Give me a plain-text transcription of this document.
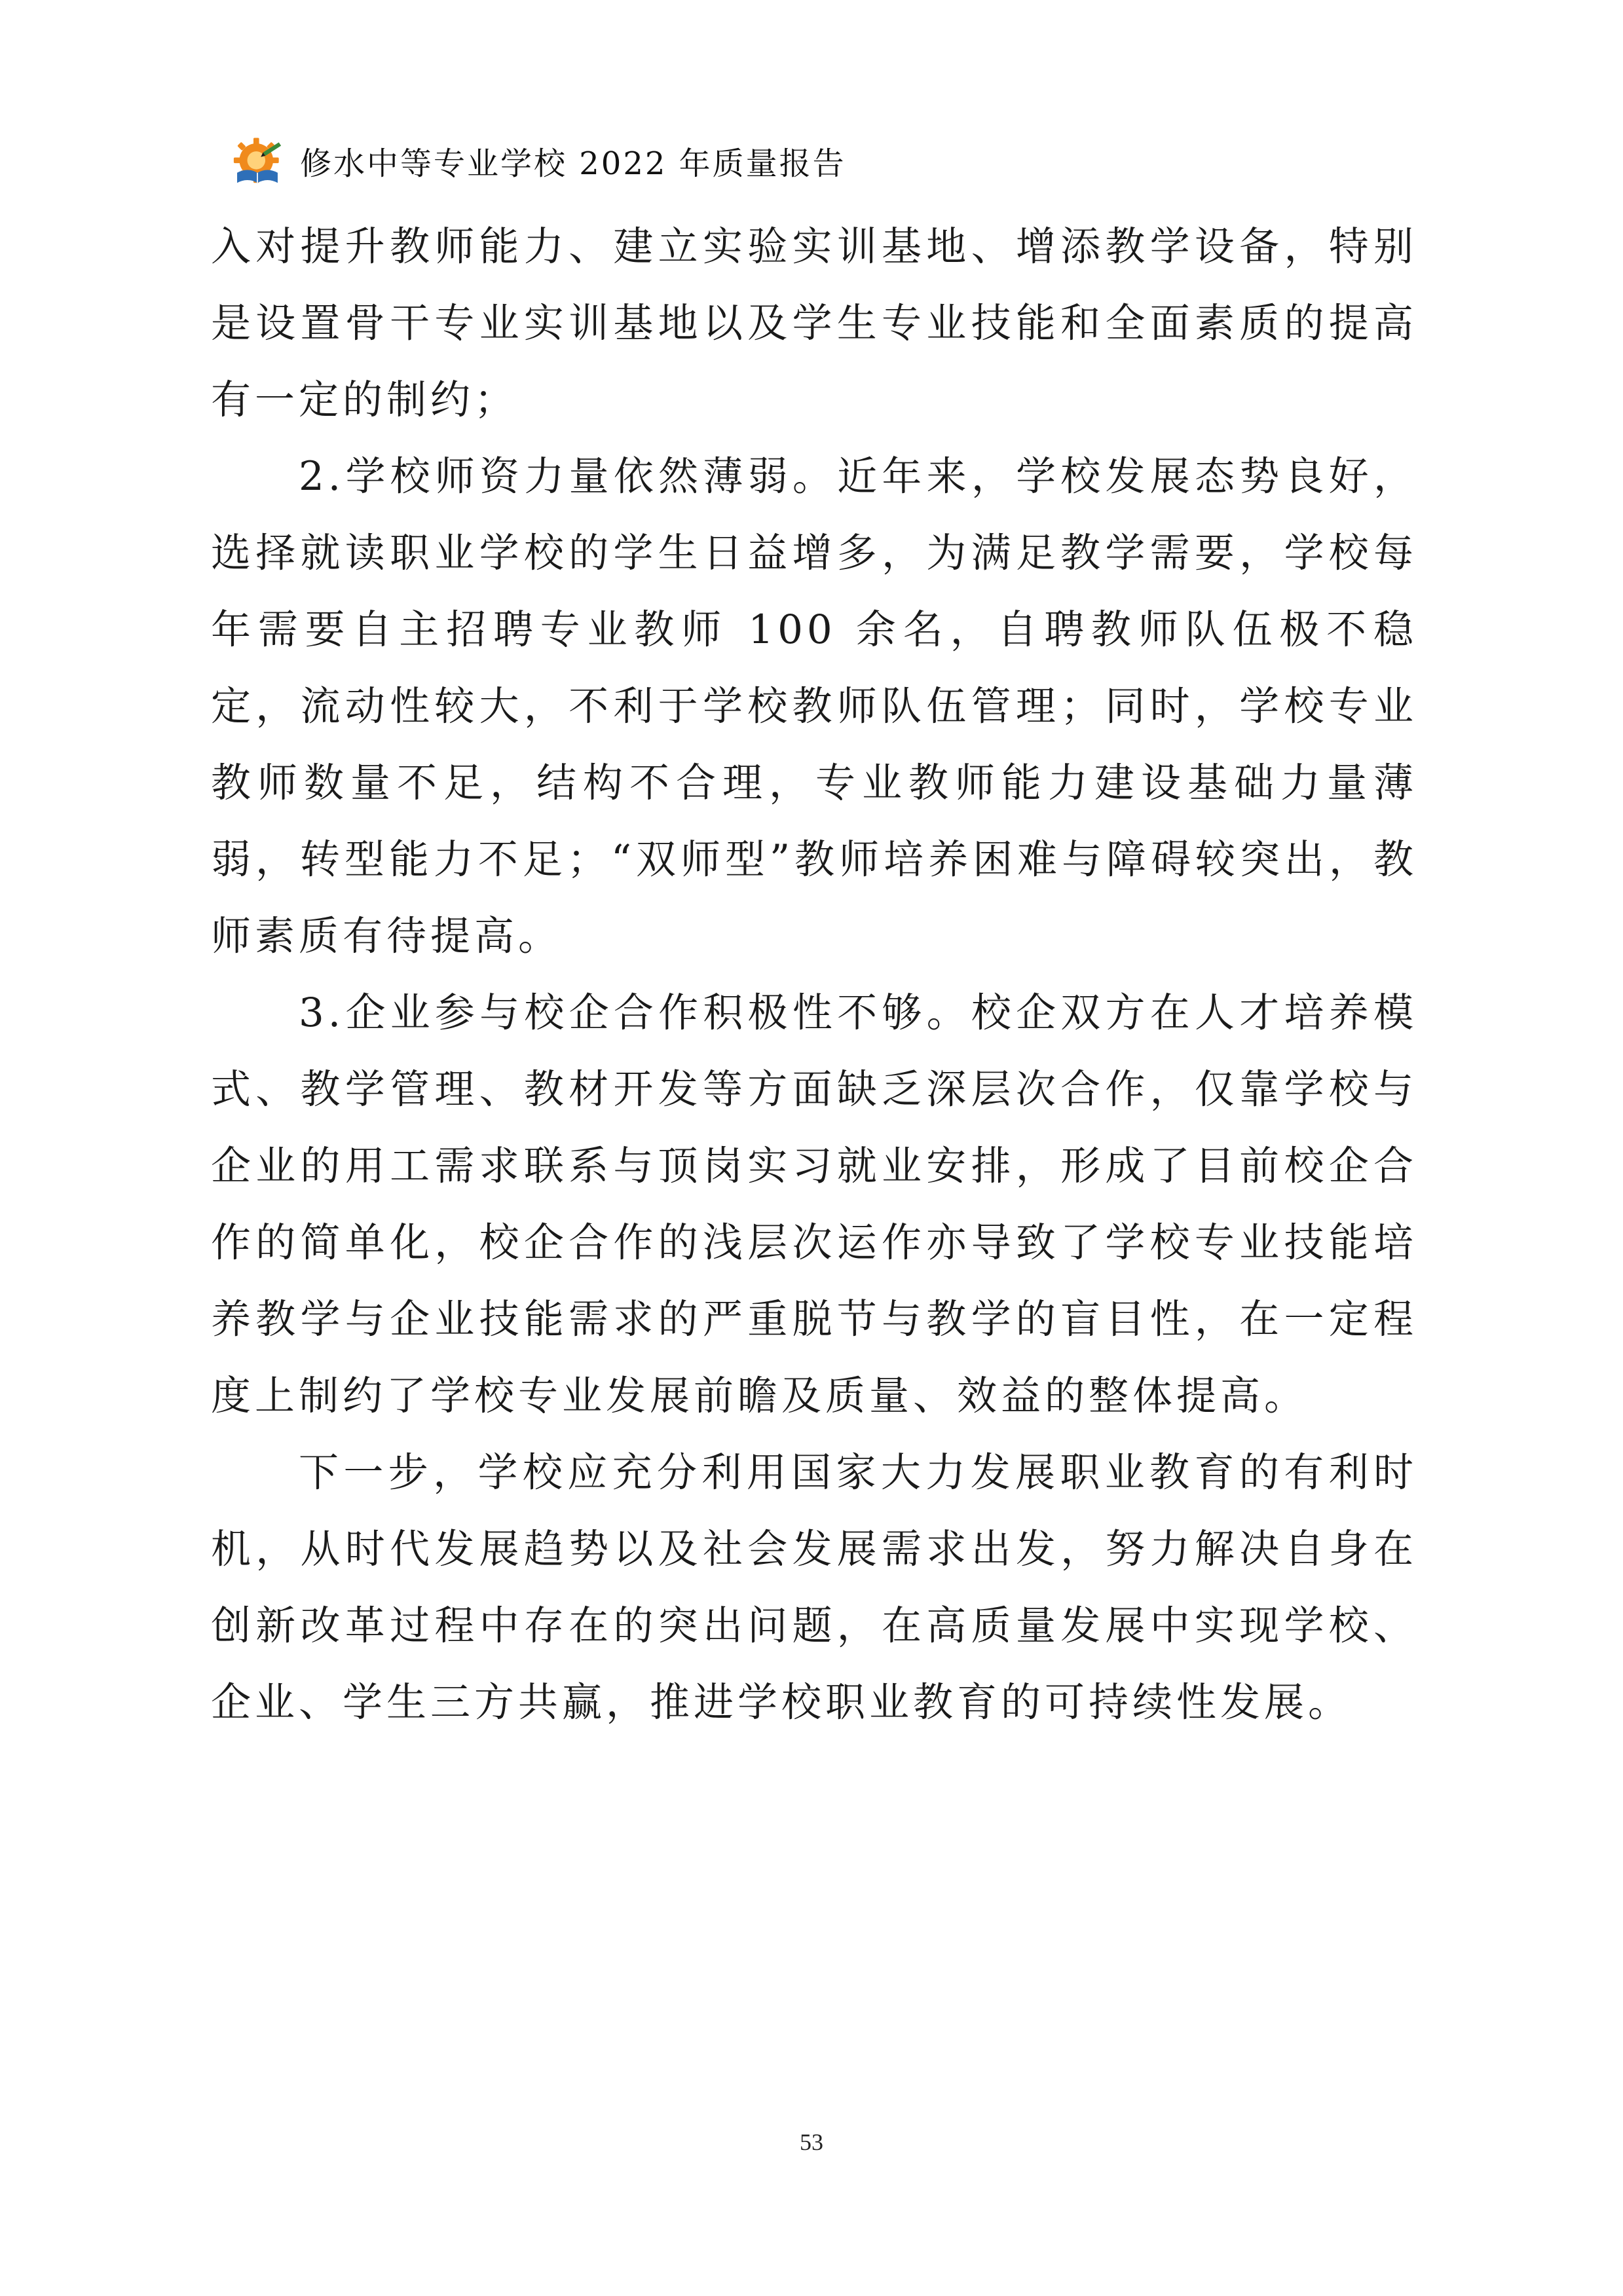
修水中等专业学校 2022 年质量报告

入对提升教师能力、建立实验实训基地、增添教学设备，特别是设置骨干专业实训基地以及学生专业技能和全面素质的提高有一定的制约；

2.学校师资力量依然薄弱。近年来，学校发展态势良好，选择就读职业学校的学生日益增多，为满足教学需要，学校每年需要自主招聘专业教师 100 余名，自聘教师队伍极不稳定，流动性较大，不利于学校教师队伍管理；同时，学校专业教师数量不足，结构不合理，专业教师能力建设基础力量薄弱，转型能力不足；“双师型”教师培养困难与障碍较突出，教师素质有待提高。

3.企业参与校企合作积极性不够。校企双方在人才培养模式、教学管理、教材开发等方面缺乏深层次合作，仅靠学校与企业的用工需求联系与顶岗实习就业安排，形成了目前校企合作的简单化，校企合作的浅层次运作亦导致了学校专业技能培养教学与企业技能需求的严重脱节与教学的盲目性，在一定程度上制约了学校专业发展前瞻及质量、效益的整体提高。

下一步，学校应充分利用国家大力发展职业教育的有利时机，从时代发展趋势以及社会发展需求出发，努力解决自身在创新改革过程中存在的突出问题，在高质量发展中实现学校、企业、学生三方共赢，推进学校职业教育的可持续性发展。

53
